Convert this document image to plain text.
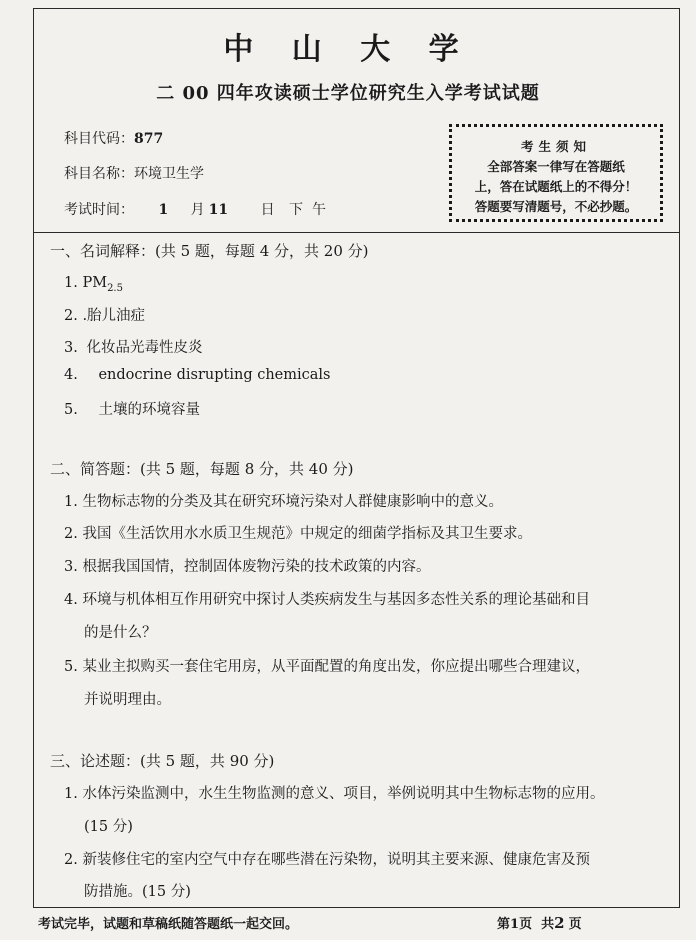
中 山 大 学
二 00 四年攻读硕士学位研究生入学考试试题
科目代码：877
科目名称：环境卫生学
考试时间： 1 月 11 日 下  午
考生须知
全部答案一律写在答题纸
上，答在试题纸上的不得分！
答题要写清题号，不必抄题。
一、名词解释：(共 5 题，每题 4 分，共 20 分)
1. $PM_{2.5}$
2. .胎儿油症
3. 化妆品光毒性皮炎
4. endocrine disrupting chemicals
5. 土壤的环境容量
二、简答题：(共 5 题，每题 8 分，共 40 分)
1. 生物标志物的分类及其在研究环境污染对人群健康影响中的意义。
2. 我国《生活饮用水水质卫生规范》中规定的细菌学指标及其卫生要求。
3. 根据我国国情，控制固体废物污染的技术政策的内容。
4. 环境与机体相互作用研究中探讨人类疾病发生与基因多态性关系的理论基础和目
的是什么？
5. 某业主拟购买一套住宅用房，从平面配置的角度出发，你应提出哪些合理建议，
并说明理由。
三、论述题：(共 5 题，共 90 分)
1. 水体污染监测中，水生生物监测的意义、项目，举例说明其中生物标志物的应用。
(15 分)
2. 新装修住宅的室内空气中存在哪些潜在污染物，说明其主要来源、健康危害及预
防措施。(15 分)
考试完毕，试题和草稿纸随答题纸一起交回。	第1页  共2 页
